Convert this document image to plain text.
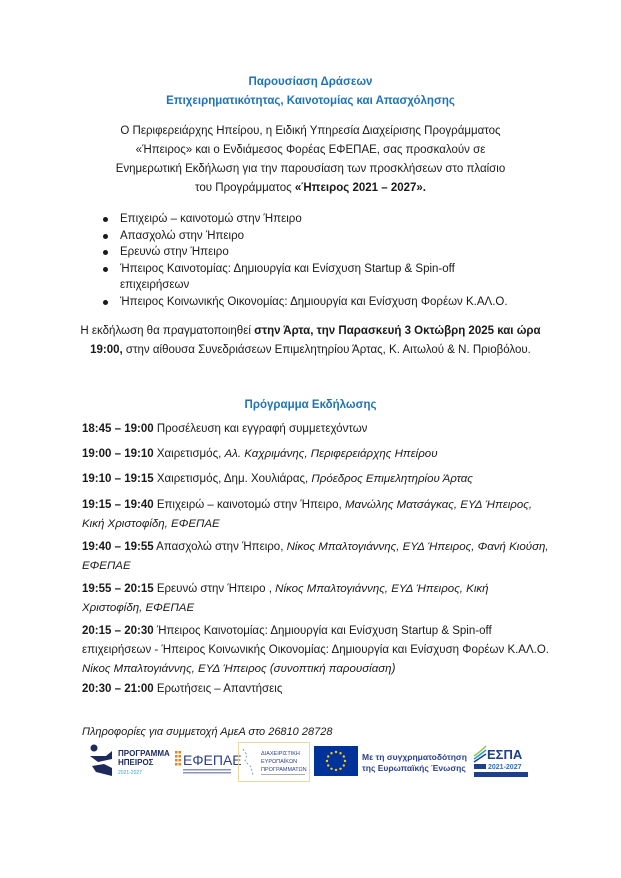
Παρουσίαση Δράσεων
Επιχειρηματικότητας, Καινοτομίας και Απασχόλησης
Ο Περιφερειάρχης Ηπείρου, η Ειδική Υπηρεσία Διαχείρισης Προγράμματος
«Ήπειρος» και ο Ενδιάμεσος Φορέας ΕΦΕΠΑΕ, σας προσκαλούν σε
Ενημερωτική Εκδήλωση για την παρουσίαση των προσκλήσεων στο πλαίσιο
του Προγράμματος «Ήπειρος 2021 – 2027».
Επιχειρώ – καινοτομώ στην Ήπειρο
Απασχολώ στην Ήπειρο
Ερευνώ στην Ήπειρο
Ήπειρος Καινοτομίας: Δημιουργία και Ενίσχυση Startup & Spin-off επιχειρήσεων
Ήπειρος Κοινωνικής Οικονομίας: Δημιουργία και Ενίσχυση Φορέων Κ.ΑΛ.Ο.
Η εκδήλωση θα πραγματοποιηθεί στην Άρτα, την Παρασκευή 3 Οκτώβρη 2025 και ώρα 19:00, στην αίθουσα Συνεδριάσεων Επιμελητηρίου Άρτας, Κ. Αιτωλού & Ν. Πριοβόλου.
Πρόγραμμα Εκδήλωσης
18:45 – 19:00 Προσέλευση και εγγραφή συμμετεχόντων
19:00 – 19:10 Χαιρετισμός, Αλ. Καχριμάνης, Περιφερειάρχης Ηπείρου
19:10 – 19:15 Χαιρετισμός, Δημ. Χουλιάρας, Πρόεδρος Επιμελητηρίου Άρτας
19:15 – 19:40 Επιχειρώ – καινοτομώ στην Ήπειρο, Μανώλης Ματσάγκας, ΕΥΔ Ήπειρος, Κική Χριστοφίδη, ΕΦΕΠΑΕ
19:40 – 19:55 Απασχολώ στην Ήπειρο, Νίκος Μπαλτογιάννης, ΕΥΔ Ήπειρος, Φανή Κιούση, ΕΦΕΠΑΕ
19:55 – 20:15 Ερευνώ στην Ήπειρο , Νίκος Μπαλτογιάννης, ΕΥΔ Ήπειρος, Κική Χριστοφίδη, ΕΦΕΠΑΕ
20:15 – 20:30 Ήπειρος Καινοτομίας: Δημιουργία και Ενίσχυση Startup & Spin-off επιχειρήσεων - Ήπειρος Κοινωνικής Οικονομίας: Δημιουργία και Ενίσχυση Φορέων Κ.ΑΛ.Ο. Νίκος Μπαλτογιάννης, ΕΥΔ Ήπειρος (συνοπτική παρουσίαση)
20:30 – 21:00 Ερωτήσεις – Απαντήσεις
Πληροφορίες για συμμετοχή ΑμεΑ στο 26810 28728
ΠΡΟΓΡΑΜΜΑ
ΗΠΕΙΡΟΣ
2021-2027
ΕΦΕΠΑΕ	ΔΙΑΧΕΙΡΙΣΤΙΚΗ
ΕΥΡΩΠΑΪΚΩΝ
ΠΡΟΓΡΑΜΜΑΤΩΝ
Με τη συγχρηματοδότηση
της Ευρωπαϊκής Ένωσης
ΕΣΠΑ
2021-2027
